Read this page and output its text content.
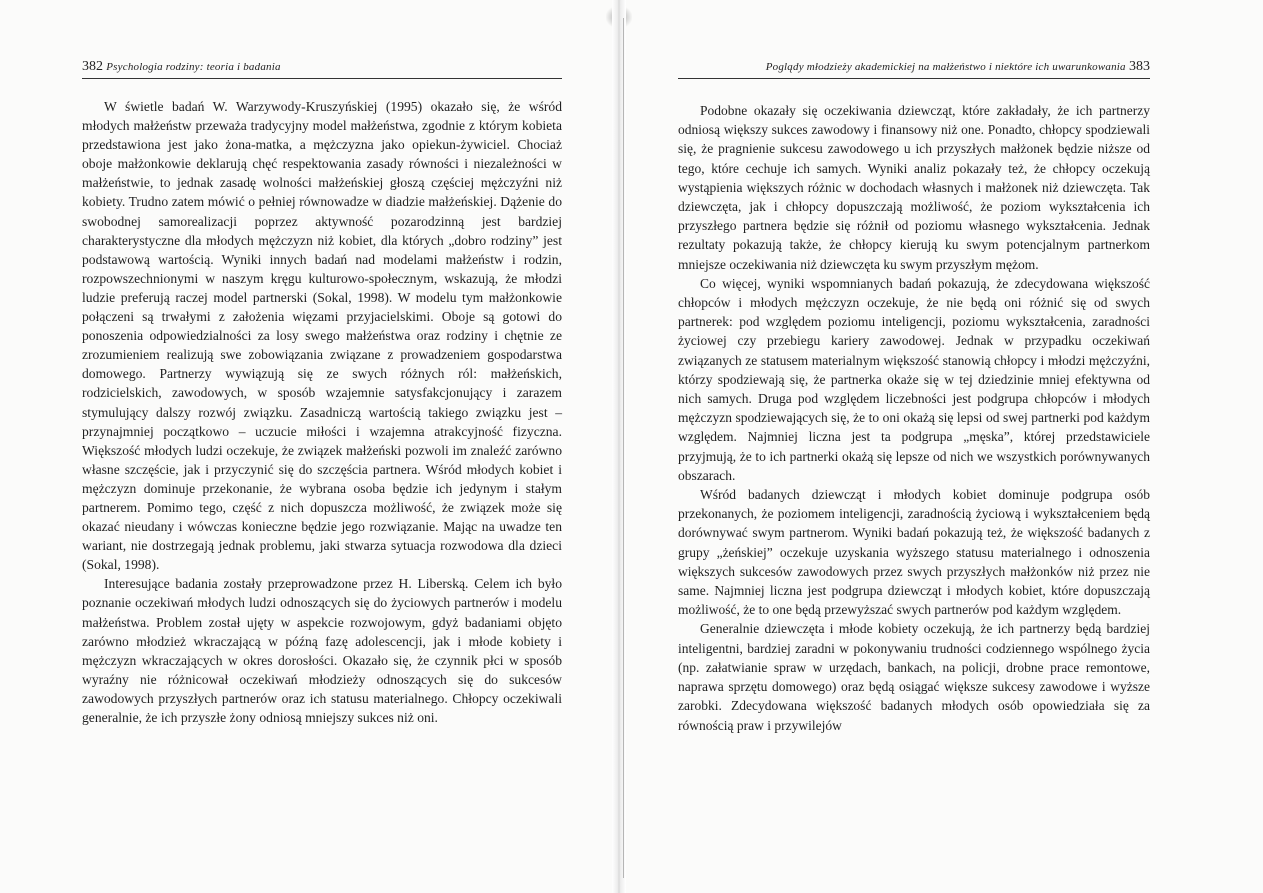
382 Psychologia rodziny: teoria i badania

W świetle badań W. Warzywody-Kruszyńskiej (1995) okazało się, że wśród młodych małżeństw przeważa tradycyjny model małżeństwa, zgodnie z którym kobieta przedstawiona jest jako żona-matka, a mężczyzna jako opiekun-żywiciel. Chociaż oboje małżonkowie deklarują chęć respektowania zasady równości i niezależności w małżeństwie, to jednak zasadę wolności małżeńskiej głoszą częściej mężczyźni niż kobiety. Trudno zatem mówić o pełniej równowadze w diadzie małżeńskiej. Dążenie do swobodnej samorealizacji poprzez aktywność pozarodzinną jest bardziej charakterystyczne dla młodych mężczyzn niż kobiet, dla których „dobro rodziny” jest podstawową wartością. Wyniki innych badań nad modelami małżeństw i rodzin, rozpowszechnionymi w naszym kręgu kulturowo-społecznym, wskazują, że młodzi ludzie preferują raczej model partnerski (Sokal, 1998). W modelu tym małżonkowie połączeni są trwałymi z założenia więzami przyjacielskimi. Oboje są gotowi do ponoszenia odpowiedzialności za losy swego małżeństwa oraz rodziny i chętnie ze zrozumieniem realizują swe zobowiązania związane z prowadzeniem gospodarstwa domowego. Partnerzy wywiązują się ze swych różnych ról: małżeńskich, rodzicielskich, zawodowych, w sposób wzajemnie satysfakcjonujący i zarazem stymulujący dalszy rozwój związku. Zasadniczą wartością takiego związku jest – przynajmniej początkowo – uczucie miłości i wzajemna atrakcyjność fizyczna. Większość młodych ludzi oczekuje, że związek małżeński pozwoli im znaleźć zarówno własne szczęście, jak i przyczynić się do szczęścia partnera. Wśród młodych kobiet i mężczyzn dominuje przekonanie, że wybrana osoba będzie ich jedynym i stałym partnerem. Pomimo tego, część z nich dopuszcza możliwość, że związek może się okazać nieudany i wówczas konieczne będzie jego rozwiązanie. Mając na uwadze ten wariant, nie dostrzegają jednak problemu, jaki stwarza sytuacja rozwodowa dla dzieci (Sokal, 1998).

Interesujące badania zostały przeprowadzone przez H. Liberską. Celem ich było poznanie oczekiwań młodych ludzi odnoszących się do życiowych partnerów i modelu małżeństwa. Problem został ujęty w aspekcie rozwojowym, gdyż badaniami objęto zarówno młodzież wkraczającą w późną fazę adolescencji, jak i młode kobiety i mężczyzn wkraczających w okres dorosłości. Okazało się, że czynnik płci w sposób wyraźny nie różnicował oczekiwań młodzieży odnoszących się do sukcesów zawodowych przyszłych partnerów oraz ich statusu materialnego. Chłopcy oczekiwali generalnie, że ich przyszłe żony odniosą mniejszy sukces niż oni.

Poglądy młodzieży akademickiej na małżeństwo i niektóre ich uwarunkowania 383

Podobne okazały się oczekiwania dziewcząt, które zakładały, że ich partnerzy odniosą większy sukces zawodowy i finansowy niż one. Ponadto, chłopcy spodziewali się, że pragnienie sukcesu zawodowego u ich przyszłych małżonek będzie niższe od tego, które cechuje ich samych. Wyniki analiz pokazały też, że chłopcy oczekują wystąpienia większych różnic w dochodach własnych i małżonek niż dziewczęta. Tak dziewczęta, jak i chłopcy dopuszczają możliwość, że poziom wykształcenia ich przyszłego partnera będzie się różnił od poziomu własnego wykształcenia. Jednak rezultaty pokazują także, że chłopcy kierują ku swym potencjalnym partnerkom mniejsze oczekiwania niż dziewczęta ku swym przyszłym mężom.

Co więcej, wyniki wspomnianych badań pokazują, że zdecydowana większość chłopców i młodych mężczyzn oczekuje, że nie będą oni różnić się od swych partnerek: pod względem poziomu inteligencji, poziomu wykształcenia, zaradności życiowej czy przebiegu kariery zawodowej. Jednak w przypadku oczekiwań związanych ze statusem materialnym większość stanowią chłopcy i młodzi mężczyźni, którzy spodziewają się, że partnerka okaże się w tej dziedzinie mniej efektywna od nich samych. Druga pod względem liczebności jest podgrupa chłopców i młodych mężczyzn spodziewających się, że to oni okażą się lepsi od swej partnerki pod każdym względem. Najmniej liczna jest ta podgrupa „męska”, której przedstawiciele przyjmują, że to ich partnerki okażą się lepsze od nich we wszystkich porównywanych obszarach.

Wśród badanych dziewcząt i młodych kobiet dominuje podgrupa osób przekonanych, że poziomem inteligencji, zaradnością życiową i wykształceniem będą dorównywać swym partnerom. Wyniki badań pokazują też, że większość badanych z grupy „żeńskiej” oczekuje uzyskania wyższego statusu materialnego i odnoszenia większych sukcesów zawodowych przez swych przyszłych małżonków niż przez nie same. Najmniej liczna jest podgrupa dziewcząt i młodych kobiet, które dopuszczają możliwość, że to one będą przewyższać swych partnerów pod każdym względem.

Generalnie dziewczęta i młode kobiety oczekują, że ich partnerzy będą bardziej inteligentni, bardziej zaradni w pokonywaniu trudności codziennego wspólnego życia (np. załatwianie spraw w urzędach, bankach, na policji, drobne prace remontowe, naprawa sprzętu domowego) oraz będą osiągać większe sukcesy zawodowe i wyższe zarobki. Zdecydowana większość badanych młodych osób opowiedziała się za równością praw i przywilejów
